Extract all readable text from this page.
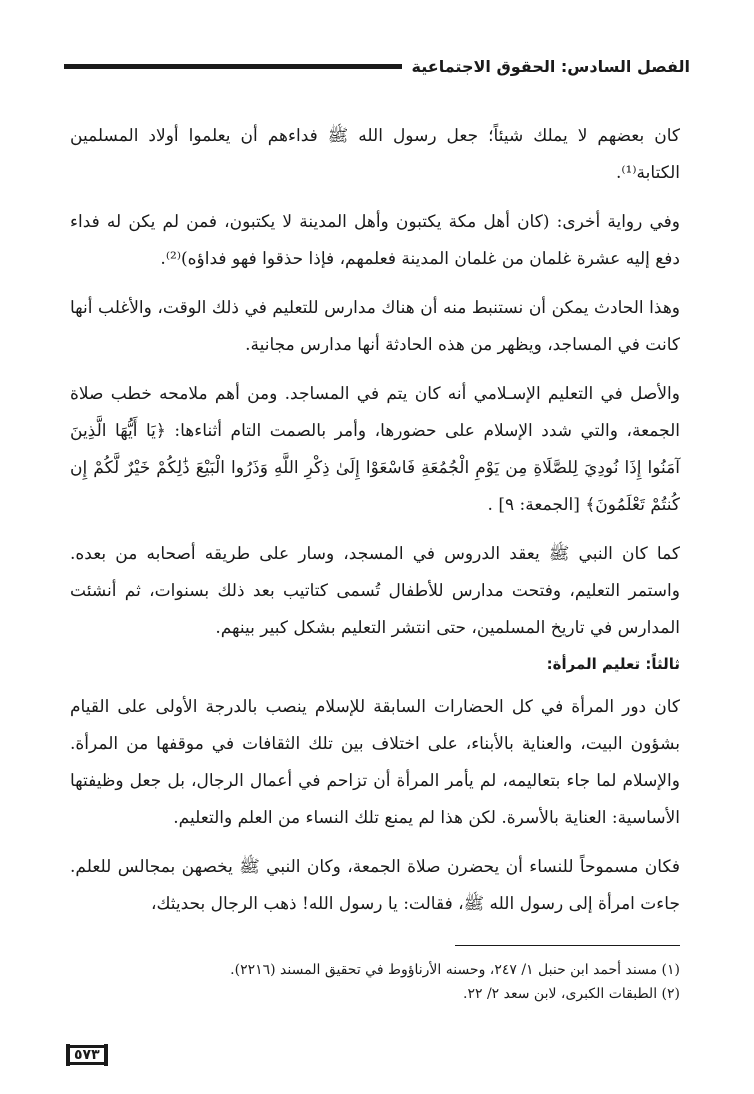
الفصل السادس: الحقوق الاجتماعية

كان بعضهم لا يملك شيئاً؛ جعل رسول الله ﷺ فداءهم أن يعلموا أولاد المسلمين الكتابة⁽¹⁾.

وفي رواية أخرى: (كان أهل مكة يكتبون وأهل المدينة لا يكتبون، فمن لم يكن له فداء دفع إليه عشرة غلمان من غلمان المدينة فعلمهم، فإذا حذقوا فهو فداؤه)⁽²⁾.

وهذا الحادث يمكن أن نستنبط منه أن هناك مدارس للتعليم في ذلك الوقت، والأغلب أنها كانت في المساجد، ويظهر من هذه الحادثة أنها مدارس مجانية.

والأصل في التعليم الإسـلامي أنه كان يتم في المساجد. ومن أهم ملامحه خطب صلاة الجمعة، والتي شدد الإسلام على حضورها، وأمر بالصمت التام أثناءها: ﴿يَا أَيُّهَا الَّذِينَ آمَنُوا إِذَا نُودِيَ لِلصَّلَاةِ مِن يَوْمِ الْجُمُعَةِ فَاسْعَوْا إِلَىٰ ذِكْرِ اللَّهِ وَذَرُوا الْبَيْعَ ذَٰلِكُمْ خَيْرٌ لَّكُمْ إِن كُنتُمْ تَعْلَمُونَ﴾ [الجمعة: ٩] .

كما كان النبي ﷺ يعقد الدروس في المسجد، وسار على طريقه أصحابه من بعده. واستمر التعليم، وفتحت مدارس للأطفال تُسمى كتاتيب بعد ذلك بسنوات، ثم أنشئت المدارس في تاريخ المسلمين، حتى انتشر التعليم بشكل كبير بينهم.

ثالثاً: تعليم المرأة:

كان دور المرأة في كل الحضارات السابقة للإسلام ينصب بالدرجة الأولى على القيام بشؤون البيت، والعناية بالأبناء، على اختلاف بين تلك الثقافات في موقفها من المرأة. والإسلام لما جاء بتعاليمه، لم يأمر المرأة أن تزاحم في أعمال الرجال، بل جعل وظيفتها الأساسية: العناية بالأسرة. لكن هذا لم يمنع تلك النساء من العلم والتعليم.

فكان مسموحاً للنساء أن يحضرن صلاة الجمعة، وكان النبي ﷺ يخصهن بمجالس للعلم. جاءت امرأة إلى رسول الله ﷺ، فقالت: يا رسول الله! ذهب الرجال بحديثك،

(١) مسند أحمد ابن حنبل ١/ ٢٤٧، وحسنه الأرناؤوط في تحقيق المسند (٢٢١٦).

(٢) الطبقات الكبرى، لابن سعد ٢/ ٢٢.

٥٧٣
